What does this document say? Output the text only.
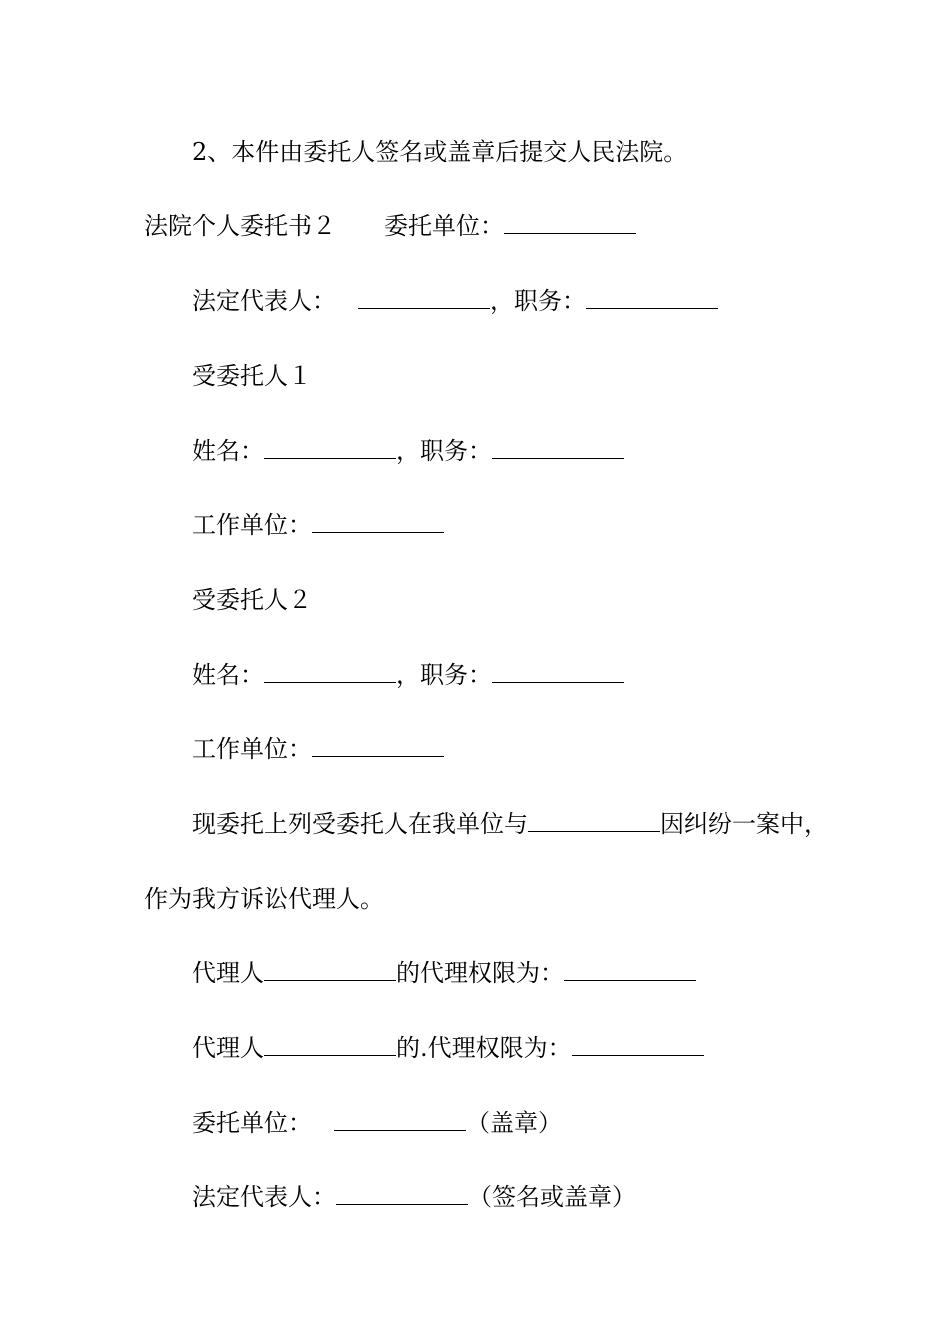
2、本件由委托人签名或盖章后提交人民法院。
法院个人委托书２ 委托单位：
法定代表人：	，职务：
受委托人１
姓名：	，职务：
工作单位：
受委托人２
姓名：	，职务：
工作单位：
现委托上列受委托人在我单位与	因纠纷一案中，
作为我方诉讼代理人。
代理人	的代理权限为：
代理人	的.代理权限为：
委托单位：	（盖章）
法定代表人：	（签名或盖章）
